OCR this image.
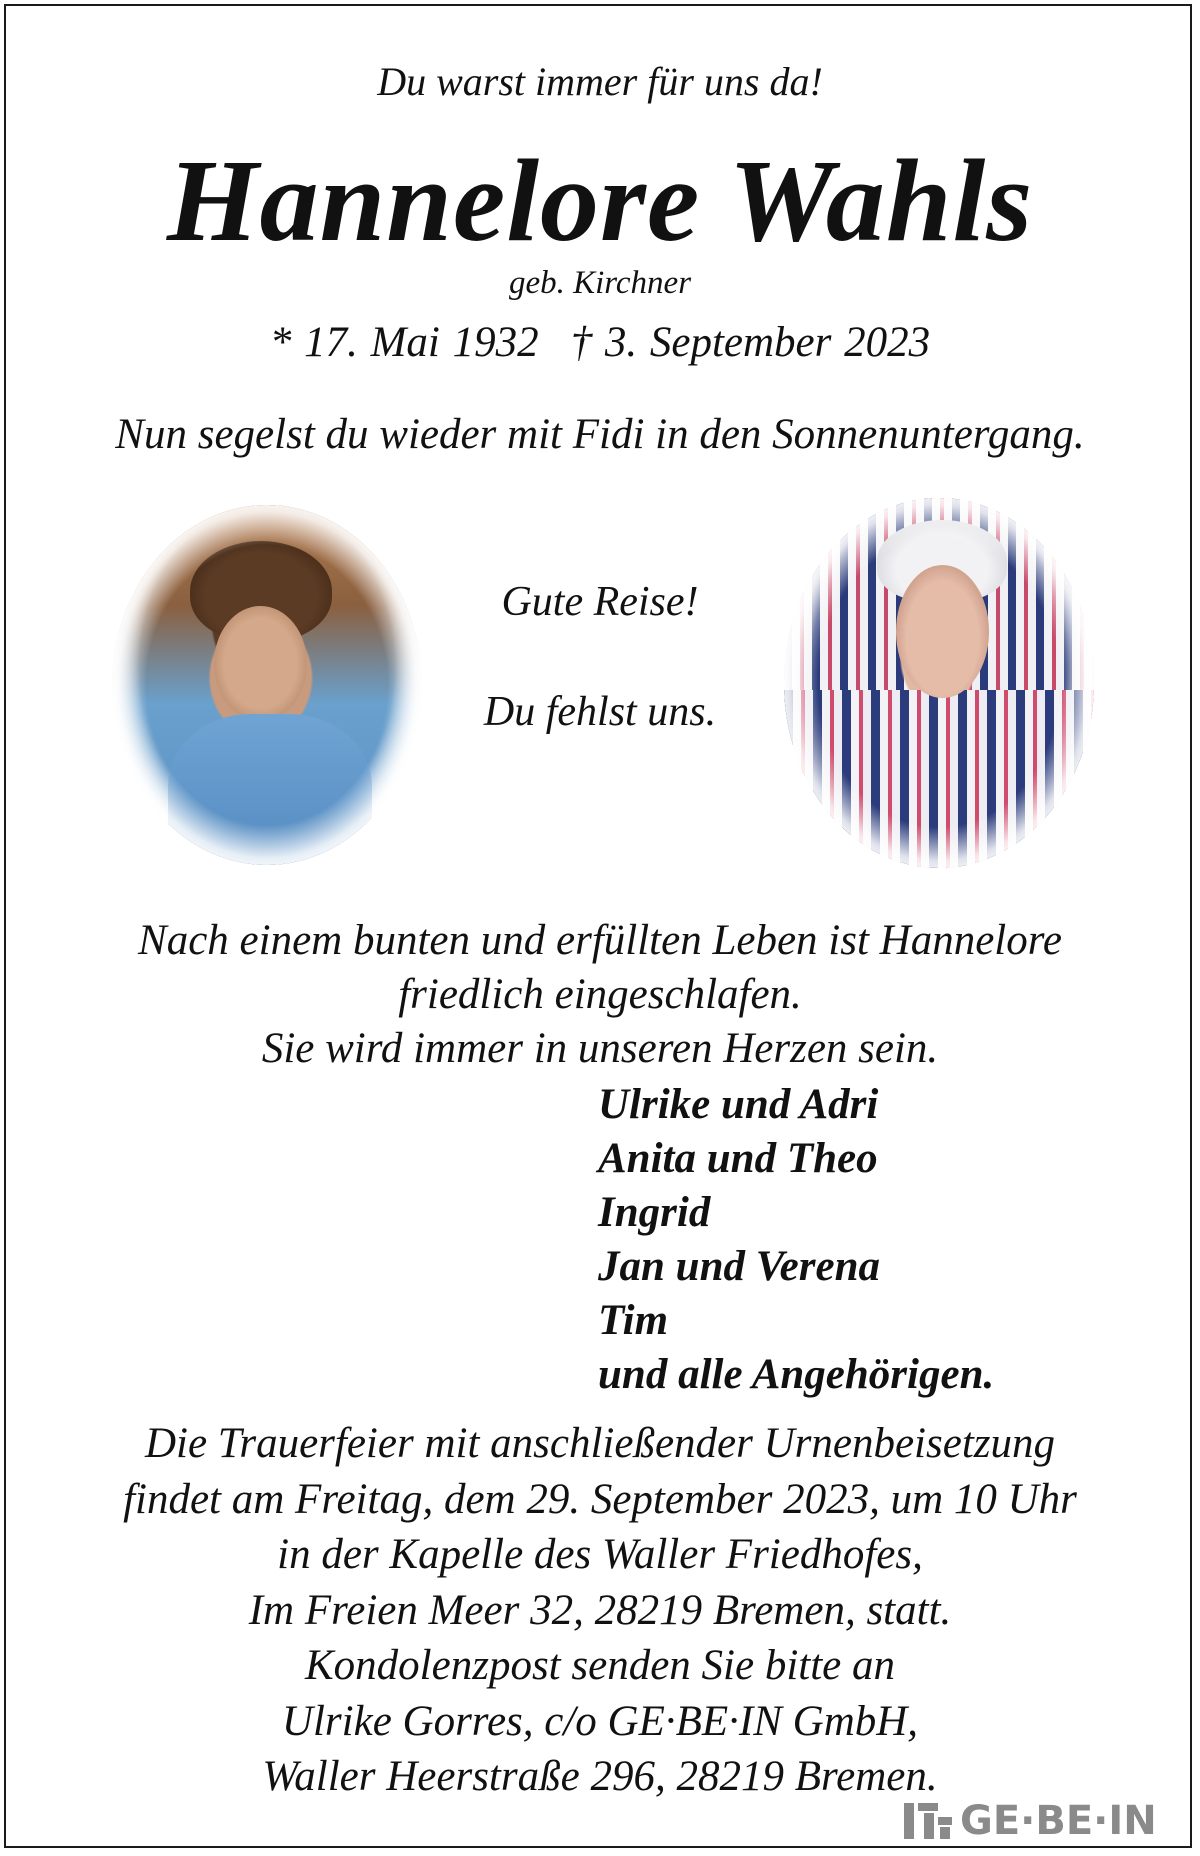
Du warst immer für uns da!
Hannelore Wahls
geb. Kirchner
* 17. Mai 1932 † 3. September 2023
Nun segelst du wieder mit Fidi in den Sonnenuntergang.
Gute Reise!
Du fehlst uns.
Nach einem bunten und erfüllten Leben ist Hannelore
friedlich eingeschlafen.
Sie wird immer in unseren Herzen sein.
Ulrike und Adri
Anita und Theo
Ingrid
Jan und Verena
Tim
und alle Angehörigen.
Die Trauerfeier mit anschließender Urnenbeisetzung
findet am Freitag, dem 29. September 2023, um 10 Uhr
in der Kapelle des Waller Friedhofes,
Im Freien Meer 32, 28219 Bremen, statt.
Kondolenzpost senden Sie bitte an
Ulrike Gorres, c/o GE·BE·IN GmbH,
Waller Heerstraße 296, 28219 Bremen.
GE·BE·IN
